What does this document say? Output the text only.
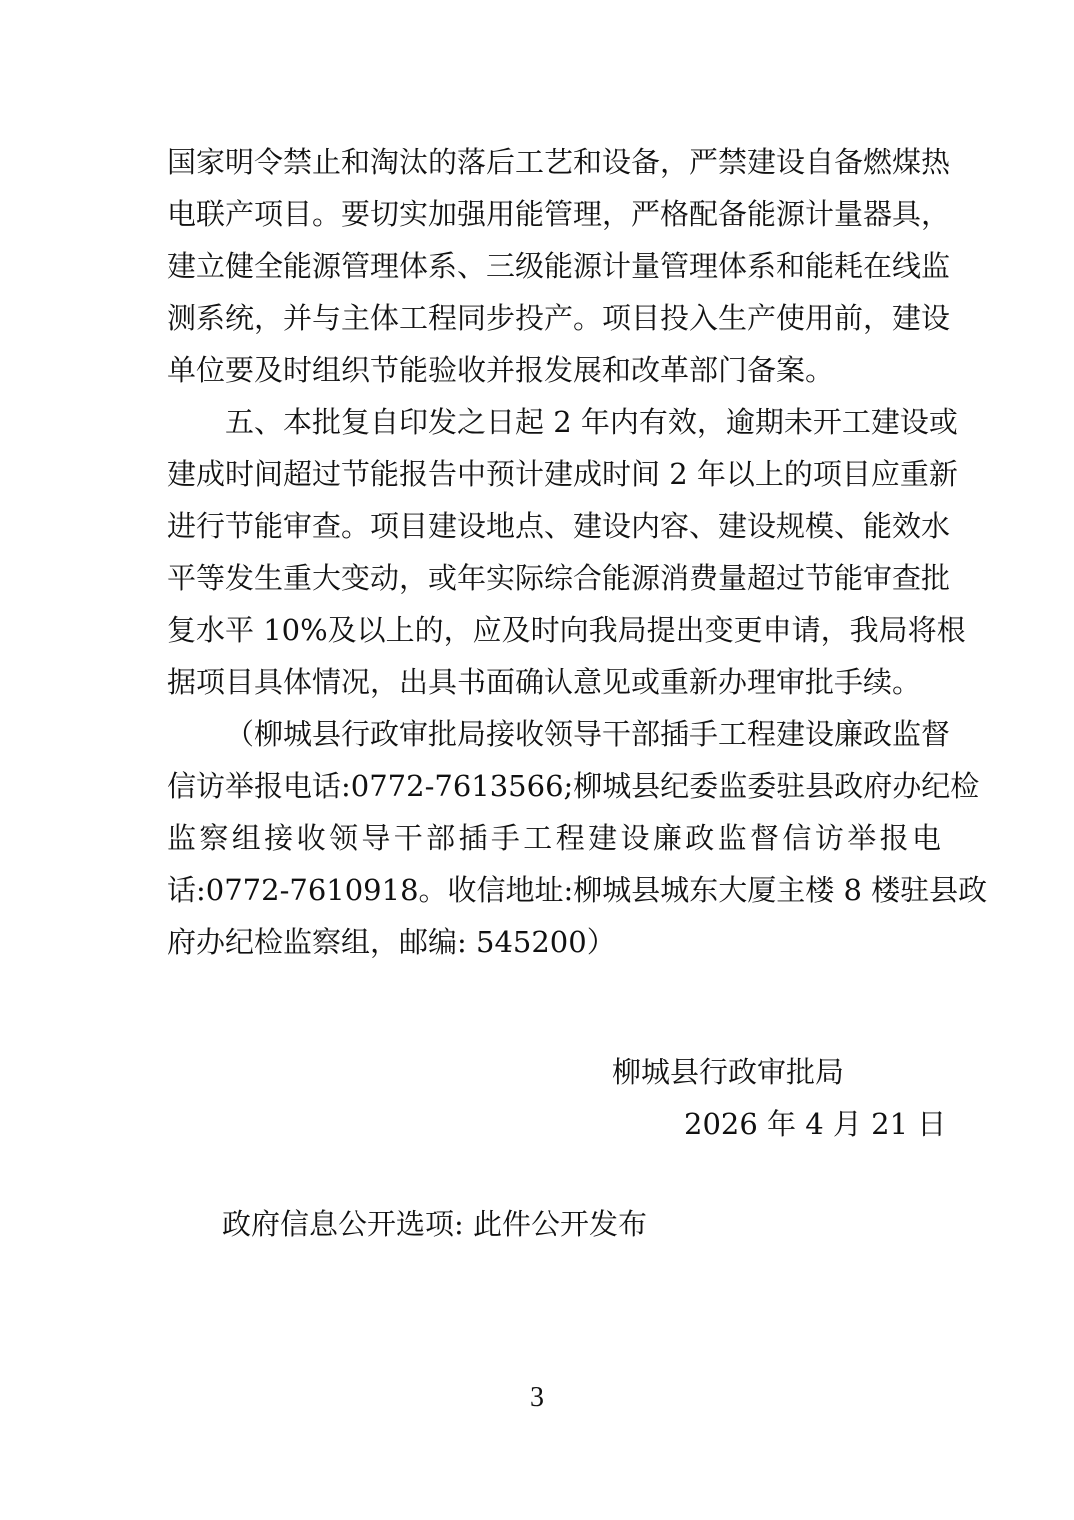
国家明令禁止和淘汰的落后工艺和设备，严禁建设自备燃煤热
电联产项目。要切实加强用能管理，严格配备能源计量器具，
建立健全能源管理体系、三级能源计量管理体系和能耗在线监
测系统，并与主体工程同步投产。项目投入生产使用前，建设
单位要及时组织节能验收并报发展和改革部门备案。
五、本批复自印发之日起 2 年内有效，逾期未开工建设或
建成时间超过节能报告中预计建成时间 2 年以上的项目应重新
进行节能审查。项目建设地点、建设内容、建设规模、能效水
平等发生重大变动，或年实际综合能源消费量超过节能审查批
复水平 10%及以上的，应及时向我局提出变更申请，我局将根
据项目具体情况，出具书面确认意见或重新办理审批手续。
（柳城县行政审批局接收领导干部插手工程建设廉政监督
信访举报电话:0772-7613566;柳城县纪委监委驻县政府办纪检
监察组接收领导干部插手工程建设廉政监督信访举报电
话:0772-7610918。收信地址:柳城县城东大厦主楼 8 楼驻县政
府办纪检监察组，邮编: 545200）
柳城县行政审批局
2026 年 4 月 21 日
政府信息公开选项: 此件公开发布
3
